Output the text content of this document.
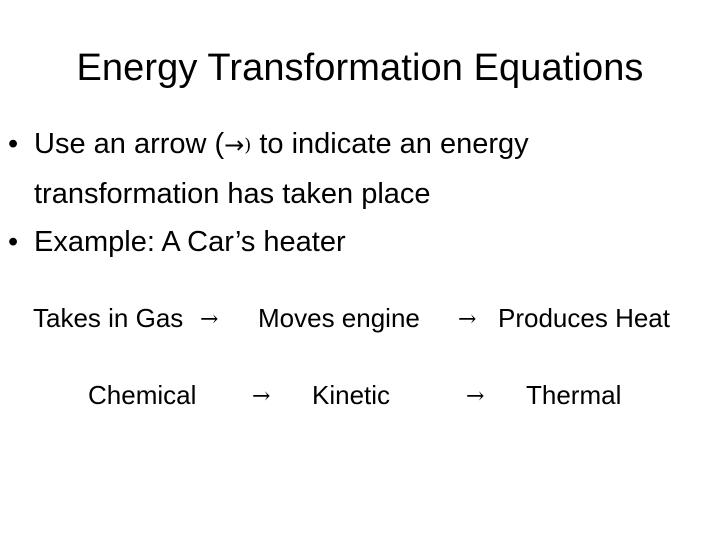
Energy Transformation Equations
• Use an arrow (→) to indicate an energy transformation has taken place
• Example: A Car’s heater
Takes in Gas → Moves engine → Produces Heat
Chemical	→ Kinetic	→ Thermal
